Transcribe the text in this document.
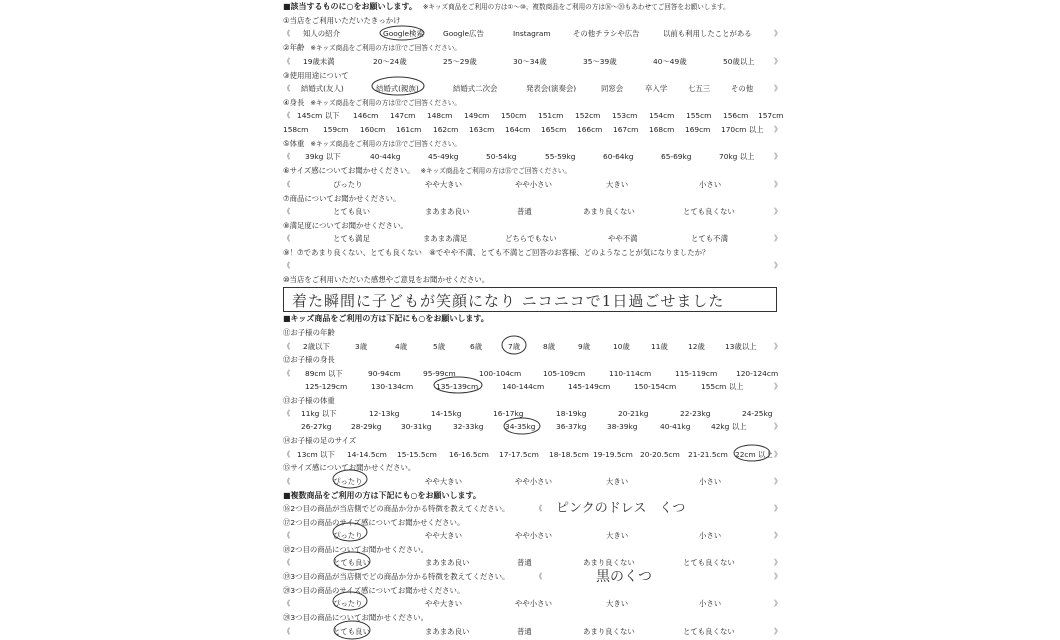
■該当するものに○をお願いします。 ※キッズ商品をご利用の方は①〜⑩、複数商品をご利用の方は⑯〜⑳もあわせてご回答をお願いします。
①当店をご利用いただいたきっかけ
《 知人の紹介	Google検索	Google広告	Instagram	その他チラシや広告	以前も利用したことがある	》
②年齢 ※キッズ商品をご利用の方は⑪でご回答ください。
《 19歳未満	20〜24歳	25〜29歳	30〜34歳	35〜39歳	40〜49歳	50歳以上	》
③使用用途について
《 結婚式(友人)	結婚式(親族)	結婚式二次会	発表会(演奏会)	同窓会	卒入学	七五三	その他	》
④身長 ※キッズ商品をご利用の方は⑫でご回答ください。
《 145cm 以下 146cm 147cm 148cm 149cm 150cm 151cm 152cm 153cm 154cm 155cm 156cm 157cm
158cm 159cm 160cm 161cm 162cm 163cm 164cm 165cm 166cm 167cm 168cm 169cm 170cm 以上 》
⑤体重 ※キッズ商品をご利用の方は⑬でご回答ください。
《 39kg 以下	40-44kg	45-49kg	50-54kg	55-59kg	60-64kg	65-69kg	70kg 以上	》
⑥サイズ感についてお聞かせください。 ※キッズ商品をご利用の方は⑮でご回答ください。
《	ぴったり	やや大きい	やや小さい	大きい	小さい	》
⑦商品についてお聞かせください。
《	とても良い	まあまあ良い	普通	あまり良くない	とても良くない	》
⑧満足度についてお聞かせください。
《	とても満足	まあまあ満足	どちらでもない	やや不満	とても不満	》
⑨！⑦であまり良くない、とても良くない　⑧でやや不満、とても不満とご回答のお客様、どのようなことが気になりましたか？
《	》
⑩当店をご利用いただいた感想やご意見をお聞かせください。
着た瞬間に子どもが笑顔になり ニコニコで1日過ごせました
■キッズ商品をご利用の方は下記にも○をお願いします。
⑪お子様の年齢
《 2歳以下	3歳	4歳	5歳	6歳	7歳	8歳	9歳	10歳	11歳	12歳	13歳以上 》
⑫お子様の身長
《 89cm 以下	90-94cm	95-99cm	100-104cm	105-109cm	110-114cm	115-119cm	120-124cm
125-129cm	130-134cm	135-139cm	140-144cm	145-149cm	150-154cm	155cm 以上	》
⑬お子様の体重
《 11kg 以下	12-13kg	14-15kg	16-17kg	18-19kg	20-21kg	22-23kg	24-25kg
26-27kg	28-29kg	30-31kg	32-33kg	34-35kg	36-37kg	38-39kg	40-41kg	42kg 以上	》
⑭お子様の足のサイズ
《 13cm 以下 14-14.5cm 15-15.5cm 16-16.5cm 17-17.5cm 18-18.5cm 19-19.5cm 20-20.5cm 21-21.5cm 22cm 以上 》
⑮サイズ感についてお聞かせください。
《	ぴったり	やや大きい	やや小さい	大きい	小さい	》
■複数商品をご利用の方は下記にも○をお願いします。
⑯2つ目の商品が当店側でどの商品か分かる特徴を教えてください。	《	》
ピンクのドレス　くつ
⑰2つ目の商品のサイズ感についてお聞かせください。
《	ぴったり	やや大きい	やや小さい	大きい	小さい	》
⑱2つ目の商品についてお聞かせください。
《	とても良い	まあまあ良い	普通	あまり良くない	とても良くない	》
⑲3つ目の商品が当店側でどの商品か分かる特徴を教えてください。	《	》
黒のくつ
⑳3つ目の商品のサイズ感についてお聞かせください。
《	ぴったり	やや大きい	やや小さい	大きい	小さい	》
⑳3つ目の商品についてお聞かせください。
《	とても良い	まあまあ良い	普通	あまり良くない	とても良くない	》
